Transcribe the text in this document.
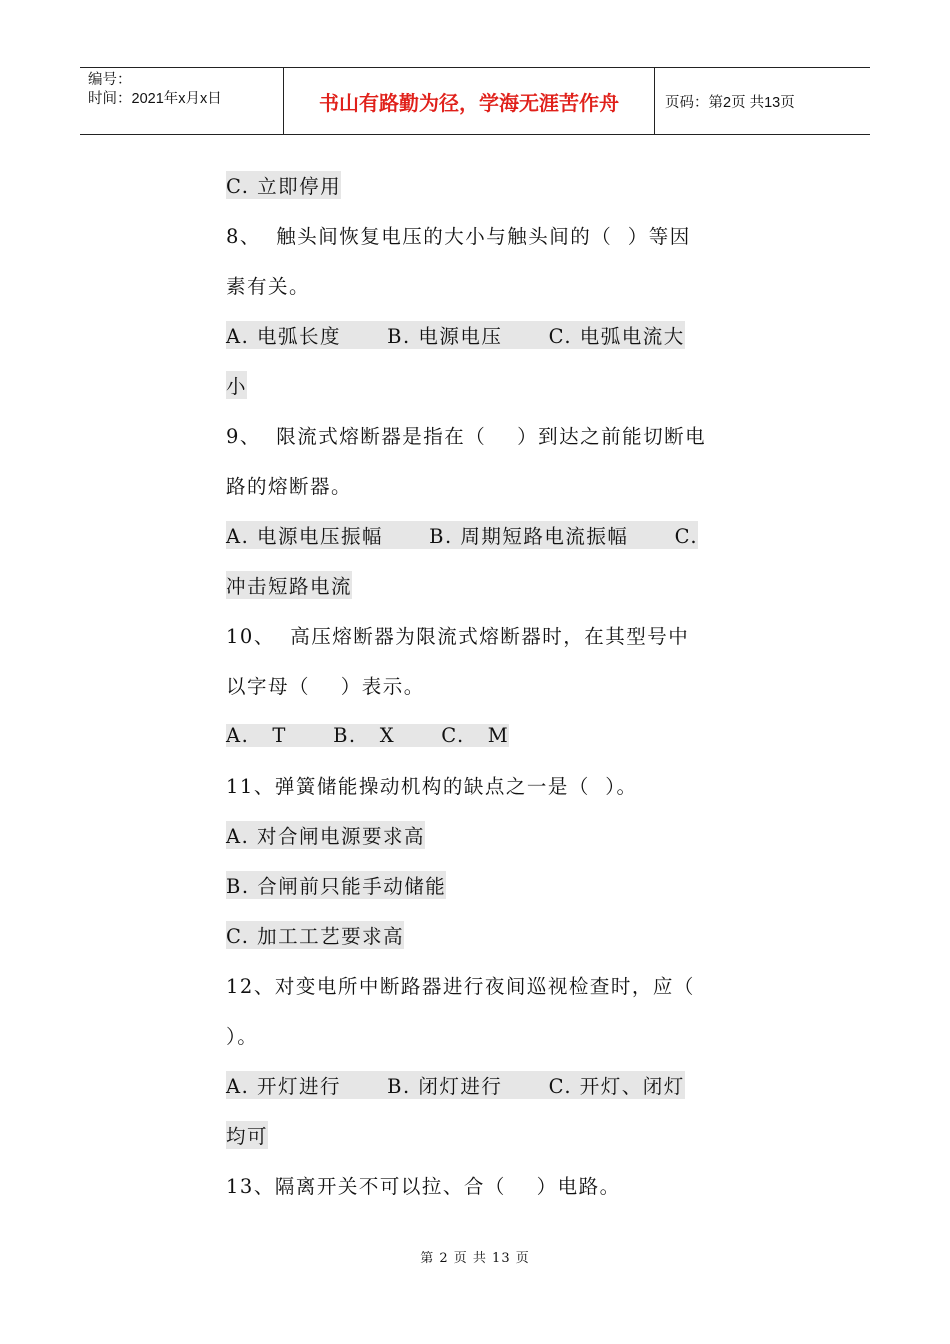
编号：
时间：2021年x月x日	书山有路勤为径，学海无涯苦作舟	页码：第2页 共13页
C. 立即停用
8、  触头间恢复电压的大小与触头间的（  ）等因
素有关。
A. 电弧长度      B. 电源电压      C. 电弧电流大
小
9、  限流式熔断器是指在（    ）到达之前能切断电
路的熔断器。
A. 电源电压振幅      B. 周期短路电流振幅      C.
冲击短路电流
10、  高压熔断器为限流式熔断器时，在其型号中
以字母（    ）表示。
A.   T      B.   X      C.   M
11、弹簧储能操动机构的缺点之一是（  ）。
A. 对合闸电源要求高
B. 合闸前只能手动储能
C. 加工工艺要求高
12、对变电所中断路器进行夜间巡视检查时，应（
）。
A. 开灯进行      B. 闭灯进行      C. 开灯、闭灯
均可
13、隔离开关不可以拉、合（    ）电路。
第 2 页 共 13 页
